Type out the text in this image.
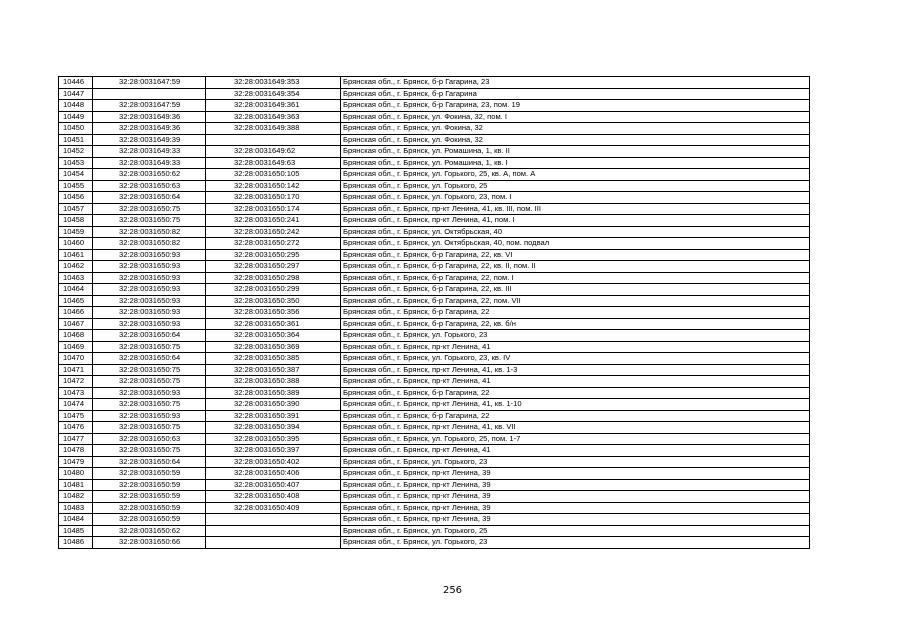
10446	32:28:0031647:59	32:28:0031649:353	Брянская обл., г. Брянск, б-р Гагарина, 23
10447		32:28:0031649:354	Брянская обл., г. Брянск, б-р Гагарина
10448	32:28:0031647:59	32:28:0031649:361	Брянская обл., г. Брянск, б-р Гагарина, 23, пом. 19
10449	32:28:0031649:36	32:28:0031649:363	Брянская обл., г. Брянск, ул. Фокина, 32, пом. I
10450	32:28:0031649:36	32:28:0031649:388	Брянская обл., г. Брянск, ул. Фокина, 32
10451	32:28:0031649:39		Брянская обл., г. Брянск, ул. Фокина, 32
10452	32:28:0031649:33	32:28:0031649:62	Брянская обл., г. Брянск, ул. Ромашина, 1, кв. II
10453	32:28:0031649:33	32:28:0031649:63	Брянская обл., г. Брянск, ул. Ромашина, 1, кв. I
10454	32:28:0031650:62	32:28:0031650:105	Брянская обл., г. Брянск, ул. Горького, 25, кв. А, пом. А
10455	32:28:0031650:63	32:28:0031650:142	Брянская обл., г. Брянск, ул. Горького, 25
10456	32:28:0031650:64	32:28:0031650:170	Брянская обл., г. Брянск, ул. Горького, 23, пом. I
10457	32:28:0031650:75	32:28:0031650:174	Брянская обл., г. Брянск, пр-кт Ленина, 41, кв. III, пом. III
10458	32:28:0031650:75	32:28:0031650:241	Брянская обл., г. Брянск, пр-кт Ленина, 41, пом. I
10459	32:28:0031650:82	32:28:0031650:242	Брянская обл., г. Брянск, ул. Октябрьская, 40
10460	32:28:0031650:82	32:28:0031650:272	Брянская обл., г. Брянск, ул. Октябрьская, 40, пом. подвал
10461	32:28:0031650:93	32:28:0031650:295	Брянская обл., г. Брянск, б-р Гагарина, 22, кв. VI
10462	32:28:0031650:93	32:28:0031650:297	Брянская обл., г. Брянск, б-р Гагарина, 22, кв. II, пом. II
10463	32:28:0031650:93	32:28:0031650:298	Брянская обл., г. Брянск, б-р Гагарина, 22, пом. I
10464	32:28:0031650:93	32:28:0031650:299	Брянская обл., г. Брянск, б-р Гагарина, 22, кв. III
10465	32:28:0031650:93	32:28:0031650:350	Брянская обл., г. Брянск, б-р Гагарина, 22, пом. VII
10466	32:28:0031650:93	32:28:0031650:356	Брянская обл., г. Брянск, б-р Гагарина, 22
10467	32:28:0031650:93	32:28:0031650:361	Брянская обл., г. Брянск, б-р Гагарина, 22, кв. б/н
10468	32:28:0031650:64	32:28:0031650:364	Брянская обл., г. Брянск, ул. Горького, 23
10469	32:28:0031650:75	32:28:0031650:369	Брянская обл., г. Брянск, пр-кт Ленина, 41
10470	32:28:0031650:64	32:28:0031650:385	Брянская обл., г. Брянск, ул. Горького, 23, кв. IV
10471	32:28:0031650:75	32:28:0031650:387	Брянская обл., г. Брянск, пр-кт Ленина, 41, кв. 1-3
10472	32:28:0031650:75	32:28:0031650:388	Брянская обл., г. Брянск, пр-кт Ленина, 41
10473	32:28:0031650:93	32:28:0031650:389	Брянская обл., г. Брянск, б-р Гагарина, 22
10474	32:28:0031650:75	32:28:0031650:390	Брянская обл., г. Брянск, пр-кт Ленина, 41, кв. 1-10
10475	32:28:0031650:93	32:28:0031650:391	Брянская обл., г. Брянск, б-р Гагарина, 22
10476	32:28:0031650:75	32:28:0031650:394	Брянская обл., г. Брянск, пр-кт Ленина, 41, кв. VII
10477	32:28:0031650:63	32:28:0031650:395	Брянская обл., г. Брянск, ул. Горького, 25, пом. 1-7
10478	32:28:0031650:75	32:28:0031650:397	Брянская обл., г. Брянск, пр-кт Ленина, 41
10479	32:28:0031650:64	32:28:0031650:402	Брянская обл., г. Брянск, ул. Горького, 23
10480	32:28:0031650:59	32:28:0031650:406	Брянская обл., г. Брянск, пр-кт Ленина, 39
10481	32:28:0031650:59	32:28:0031650:407	Брянская обл., г. Брянск, пр-кт Ленина, 39
10482	32:28:0031650:59	32:28:0031650:408	Брянская обл., г. Брянск, пр-кт Ленина, 39
10483	32:28:0031650:59	32:28:0031650:409	Брянская обл., г. Брянск, пр-кт Ленина, 39
10484	32:28:0031650:59		Брянская обл., г. Брянск, пр-кт Ленина, 39
10485	32:28:0031650:62		Брянская обл., г. Брянск, ул. Горького, 25
10486	32:28:0031650:66		Брянская обл., г. Брянск, ул. Горького, 23
256
